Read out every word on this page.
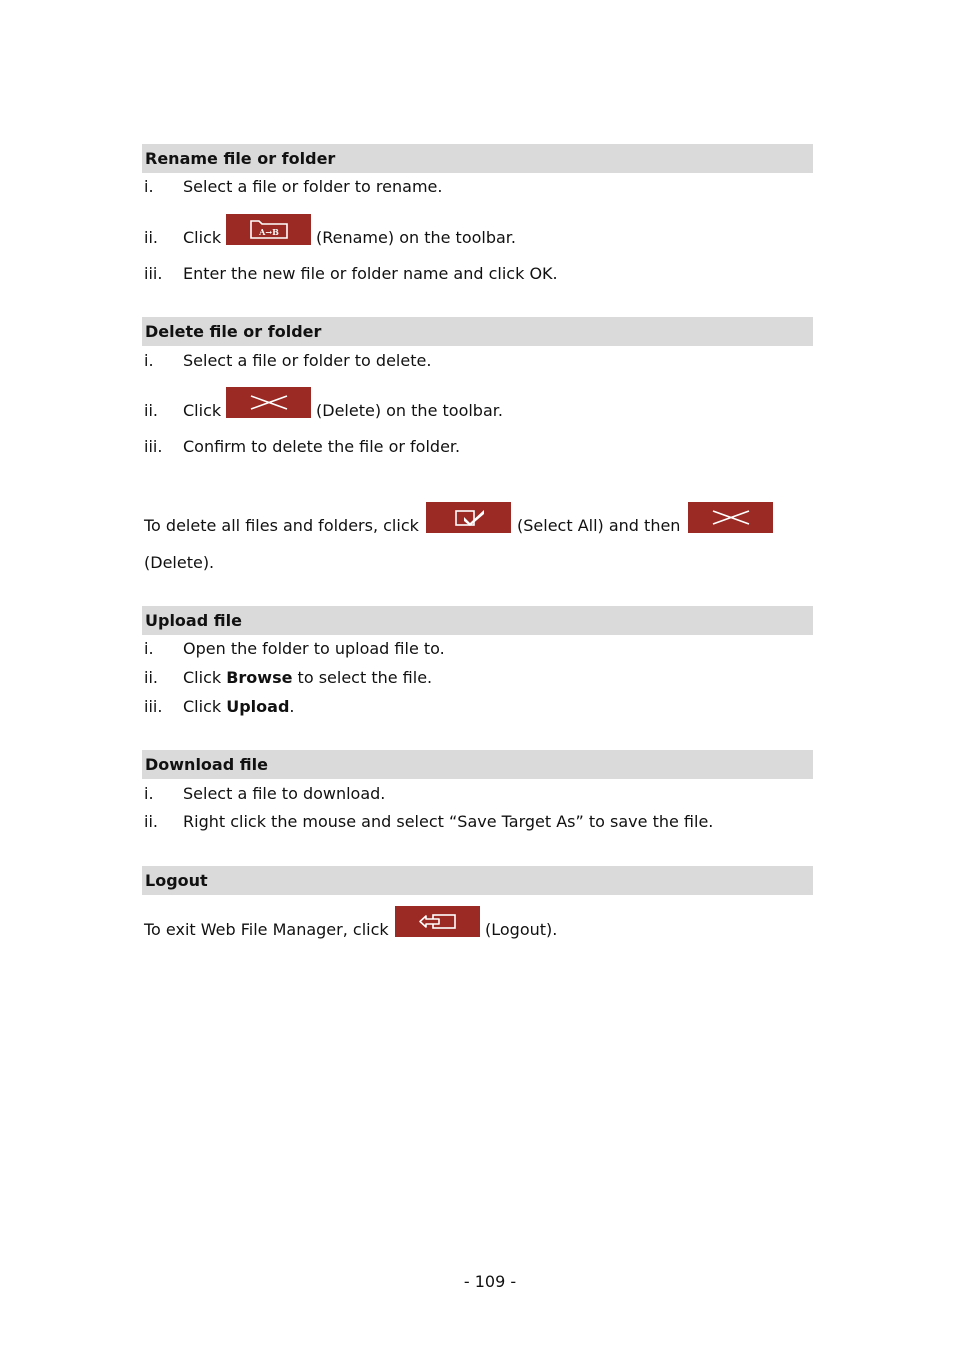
Rename file or folder
i. Select a file or folder to rename.
ii. Click	A→B (Rename) on the toolbar.
iii. Enter the new file or folder name and click OK.
Delete file or folder
i. Select a file or folder to delete.
ii. Click	(Delete) on the toolbar.
iii. Confirm to delete the file or folder.
To delete all files and folders, click	(Select All) and then
(Delete).
Upload file
i. Open the folder to upload file to.
ii. Click Browse to select the file.
iii. Click Upload.
Download file
i. Select a file to download.
ii. Right click the mouse and select “Save Target As” to save the file.
Logout
To exit Web File Manager, click	(Logout).
- 109 -
